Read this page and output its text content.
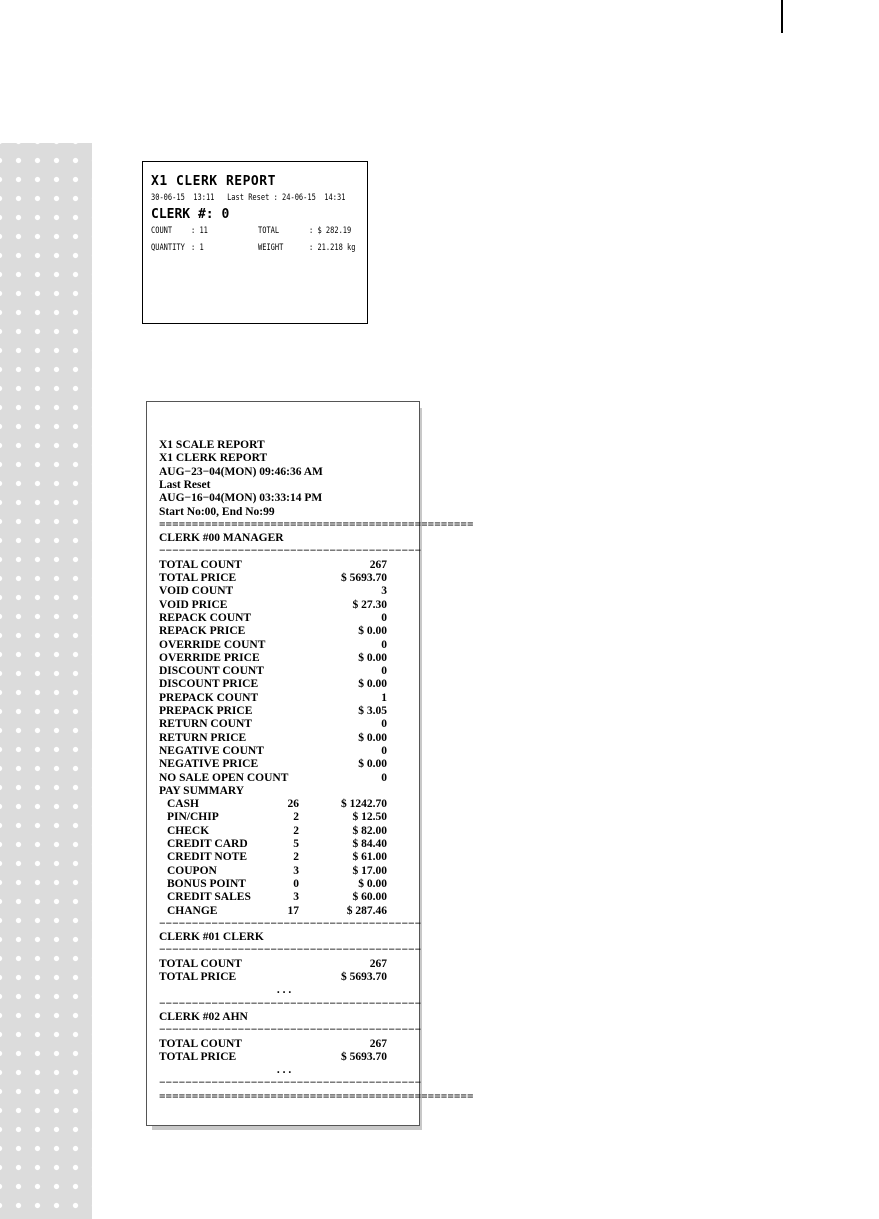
X1 CLERK REPORT
30-06-15  13:11   Last Reset : 24-06-15  14:31
CLERK #: 0
COUNT : 11	TOTAL	: $ 282.19
QUANTITY : 1	WEIGHT	: 21.218 kg
X1 SCALE REPORT
X1 CLERK REPORT
AUG−23−04(MON) 09:46:36 AM
Last Reset
AUG−16−04(MON) 03:33:14 PM
Start No:00, End No:99
================================================
CLERK #00 MANAGER
−−−−−−−−−−−−−−−−−−−−−−−−−−−−−−−−−−−−−−−−
TOTAL COUNT	267
TOTAL PRICE	$ 5693.70
VOID COUNT	3
VOID PRICE	$ 27.30
REPACK COUNT	0
REPACK PRICE	$ 0.00
OVERRIDE COUNT	0
OVERRIDE PRICE	$ 0.00
DISCOUNT COUNT	0
DISCOUNT PRICE	$ 0.00
PREPACK COUNT	1
PREPACK PRICE	$ 3.05
RETURN COUNT	0
RETURN PRICE	$ 0.00
NEGATIVE COUNT	0
NEGATIVE PRICE	$ 0.00
NO SALE OPEN COUNT	0
PAY SUMMARY
CASH	26	$ 1242.70
PIN/CHIP	2	$ 12.50
CHECK	2	$ 82.00
CREDIT CARD	5	$ 84.40
CREDIT NOTE	2	$ 61.00
COUPON	3	$ 17.00
BONUS POINT	0	$ 0.00
CREDIT SALES	3	$ 60.00
CHANGE	17	$ 287.46
−−−−−−−−−−−−−−−−−−−−−−−−−−−−−−−−−−−−−−−−
CLERK #01 CLERK
−−−−−−−−−−−−−−−−−−−−−−−−−−−−−−−−−−−−−−−−
TOTAL COUNT	267
TOTAL PRICE	$ 5693.70
. . .
−−−−−−−−−−−−−−−−−−−−−−−−−−−−−−−−−−−−−−−−
CLERK #02 AHN
−−−−−−−−−−−−−−−−−−−−−−−−−−−−−−−−−−−−−−−−
TOTAL COUNT	267
TOTAL PRICE	$ 5693.70
. . .
−−−−−−−−−−−−−−−−−−−−−−−−−−−−−−−−−−−−−−−−
================================================
